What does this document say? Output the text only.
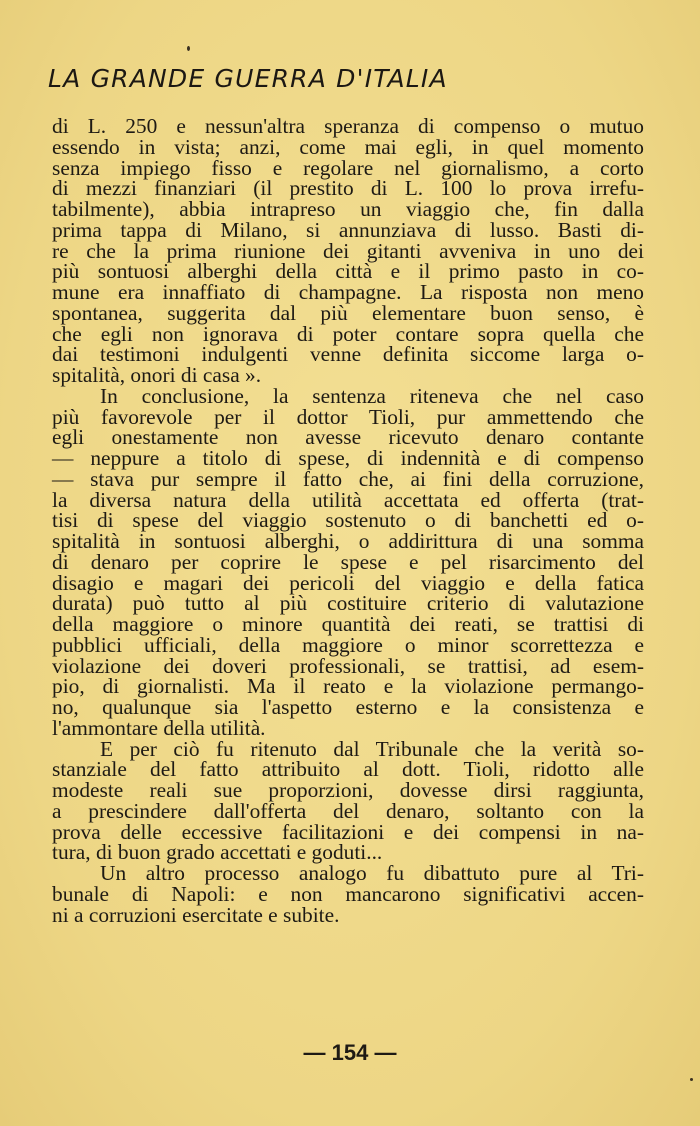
LA GRANDE GUERRA D'ITALIA
di L. 250 e nessun'altra speranza di compenso o mutuo
essendo in vista; anzi, come mai egli, in quel momento
senza impiego fisso e regolare nel giornalismo, a corto
di mezzi finanziari (il prestito di L. 100 lo prova irrefu-
tabilmente), abbia intrapreso un viaggio che, fin dalla
prima tappa di Milano, si annunziava di lusso. Basti di-
re che la prima riunione dei gitanti avveniva in uno dei
più sontuosi alberghi della città e il primo pasto in co-
mune era innaffiato di champagne. La risposta non meno
spontanea, suggerita dal più elementare buon senso, è
che egli non ignorava di poter contare sopra quella che
dai testimoni indulgenti venne definita siccome larga o-
spitalità, onori di casa ».
In conclusione, la sentenza riteneva che nel caso
più favorevole per il dottor Tioli, pur ammettendo che
egli onestamente non avesse ricevuto denaro contante
— neppure a titolo di spese, di indennità e di compenso
— stava pur sempre il fatto che, ai fini della corruzione,
la diversa natura della utilità accettata ed offerta (trat-
tisi di spese del viaggio sostenuto o di banchetti ed o-
spitalità in sontuosi alberghi, o addirittura di una somma
di denaro per coprire le spese e pel risarcimento del
disagio e magari dei pericoli del viaggio e della fatica
durata) può tutto al più costituire criterio di valutazione
della maggiore o minore quantità dei reati, se trattisi di
pubblici ufficiali, della maggiore o minor scorrettezza e
violazione dei doveri professionali, se trattisi, ad esem-
pio, di giornalisti. Ma il reato e la violazione permango-
no, qualunque sia l'aspetto esterno e la consistenza e
l'ammontare della utilità.
E per ciò fu ritenuto dal Tribunale che la verità so-
stanziale del fatto attribuito al dott. Tioli, ridotto alle
modeste reali sue proporzioni, dovesse dirsi raggiunta,
a prescindere dall'offerta del denaro, soltanto con la
prova delle eccessive facilitazioni e dei compensi in na-
tura, di buon grado accettati e goduti...
Un altro processo analogo fu dibattuto pure al Tri-
bunale di Napoli: e non mancarono significativi accen-
ni a corruzioni esercitate e subite.
— 154 —
